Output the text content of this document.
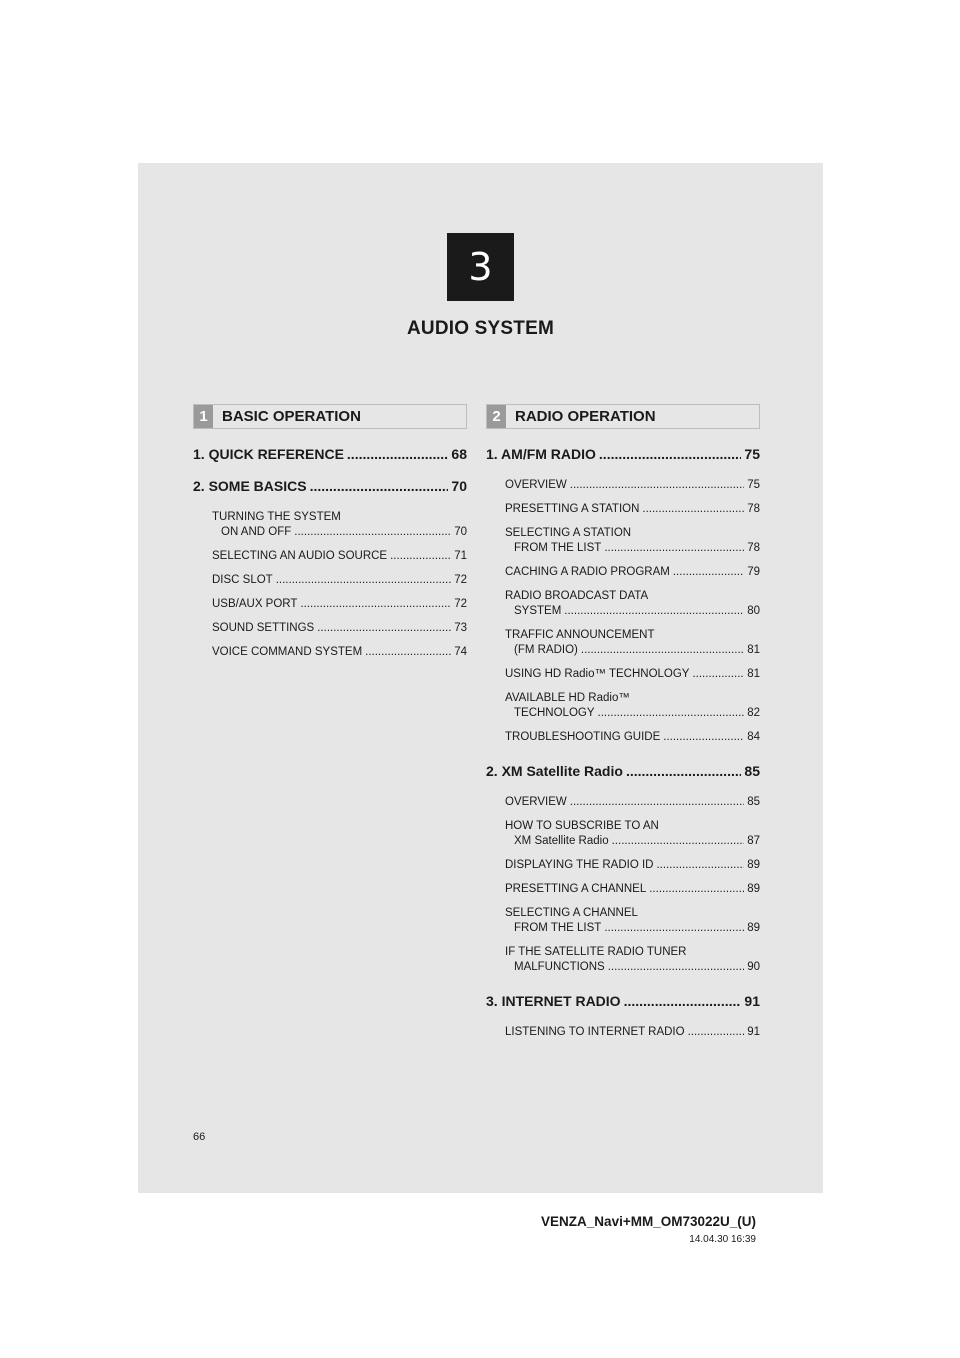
3
AUDIO SYSTEM
1 BASIC OPERATION	2 RADIO OPERATION
1. QUICK REFERENCE .....	68
2. SOME BASICS .....	70
TURNING THE SYSTEM
ON AND OFF .....	70
SELECTING AN AUDIO SOURCE .....	71
DISC SLOT .....	72
USB/AUX PORT .....	72
SOUND SETTINGS .....	73
VOICE COMMAND SYSTEM .....	74
1. AM/FM RADIO .....	75
OVERVIEW .....	75
PRESETTING A STATION .....	78
SELECTING A STATION
FROM THE LIST .....	78
CACHING A RADIO PROGRAM .....	79
RADIO BROADCAST DATA
SYSTEM .....	80
TRAFFIC ANNOUNCEMENT
(FM RADIO) .....	81
USING HD Radio™ TECHNOLOGY .....	81
AVAILABLE HD Radio™
TECHNOLOGY .....	82
TROUBLESHOOTING GUIDE .....	84
2. XM Satellite Radio .....	85
OVERVIEW .....	85
HOW TO SUBSCRIBE TO AN
XM Satellite Radio .....	87
DISPLAYING THE RADIO ID .....	89
PRESETTING A CHANNEL .....	89
SELECTING A CHANNEL
FROM THE LIST .....	89
IF THE SATELLITE RADIO TUNER
MALFUNCTIONS .....	90
3. INTERNET RADIO .....	91
LISTENING TO INTERNET RADIO .....	91
66
VENZA_Navi+MM_OM73022U_(U)
14.04.30 16:39
